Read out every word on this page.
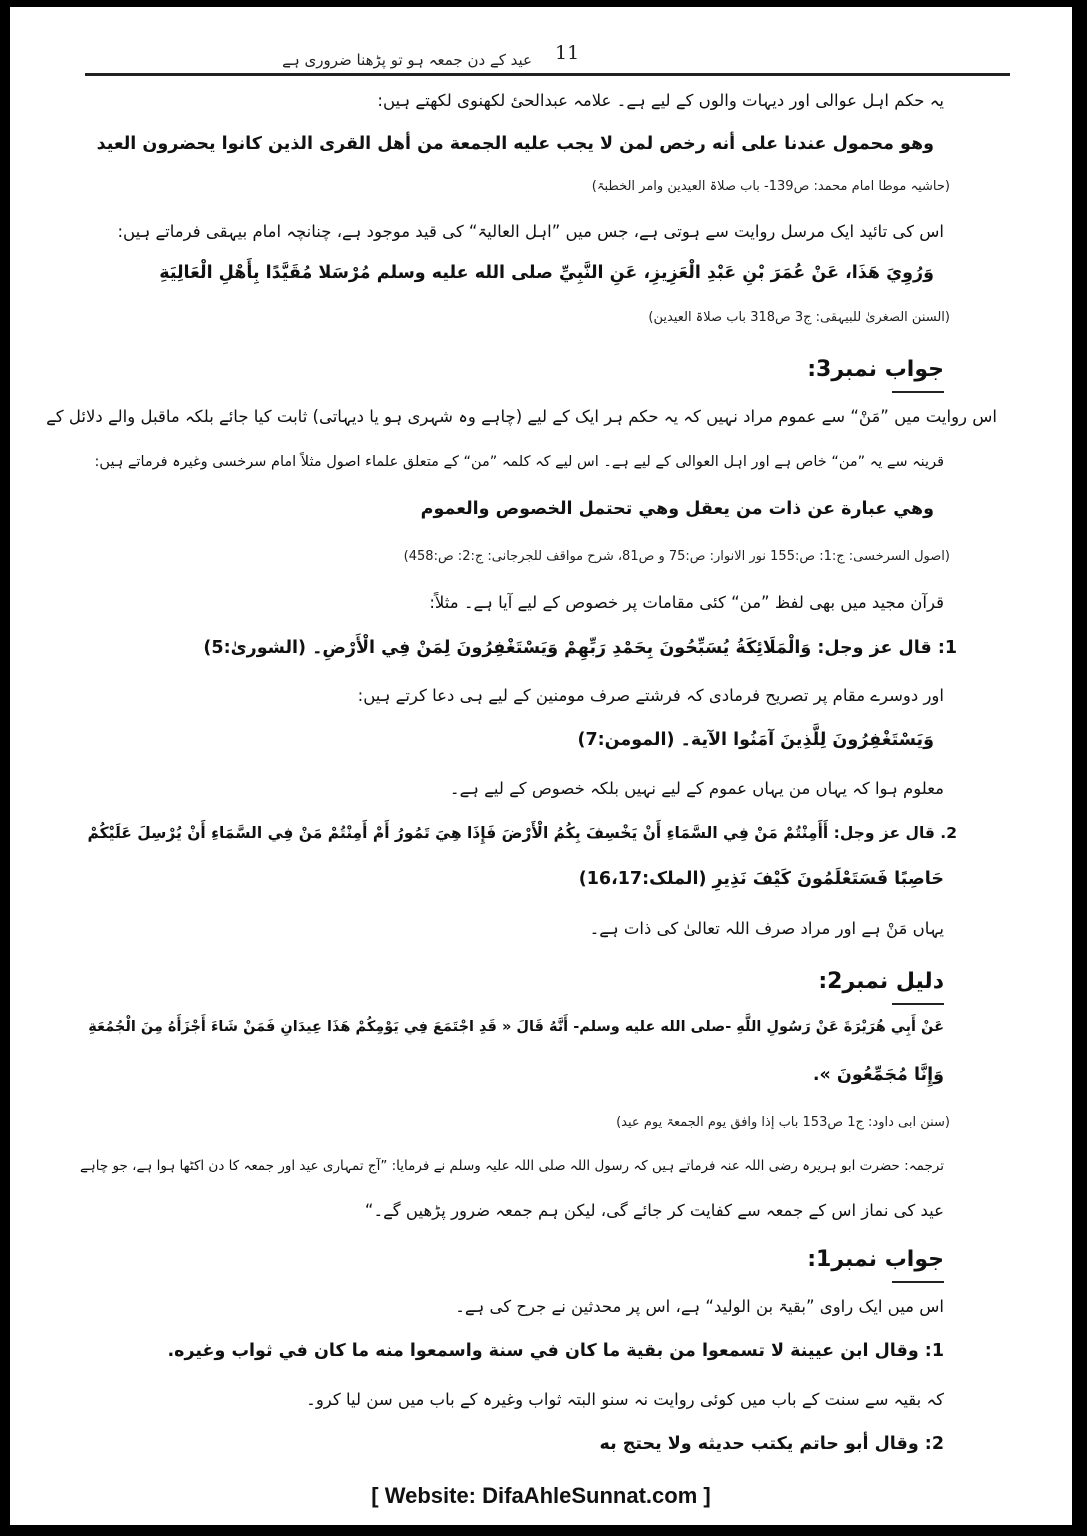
عید کے دن جمعہ ہو تو پڑھنا ضروری ہے 11
یہ حکم اہل عوالی اور دیہات والوں کے لیے ہے۔ علامہ عبدالحیٔ لکھنوی لکھتے ہیں:
وهو محمول عندنا على أنه رخص لمن لا يجب عليه الجمعة من أهل القرى الذين كانوا يحضرون العيد
(حاشیہ موطا امام محمد: ص139- باب صلاۃ العیدین وامر الخطبۃ)
اس کی تائید ایک مرسل روایت سے ہوتی ہے، جس میں ”اہل العالیۃ“ کی قید موجود ہے، چنانچہ امام بیہقی فرماتے ہیں:
وَرُوِيَ هَذَا، عَنْ عُمَرَ بْنِ عَبْدِ الْعَزِيزِ، عَنِ النَّبِيِّ صلى الله عليه وسلم مُرْسَلا مُقَيَّدًا بِأَهْلِ الْعَالِيَةِ
(السنن الصغریٰ للبیہقی: ج3 ص318 باب صلاۃ العیدین)
جواب نمبر3:
اس روایت میں ”مَنْ“ سے عموم مراد نہیں کہ یہ حکم ہر ایک کے لیے (چاہے وہ شہری ہو یا دیہاتی) ثابت کیا جائے بلکہ ماقبل والے دلائل کے
قرینہ سے یہ ”من“ خاص ہے اور اہل العوالی کے لیے ہے۔ اس لیے کہ کلمہ ”من“ کے متعلق علماء اصول مثلاً امام سرخسی وغیرہ فرماتے ہیں:
وهي عبارة عن ذات من يعقل وهي تحتمل الخصوص والعموم
(اصول السرخسی: ج:1: ص:155 نور الانوار: ص:75 و ص81، شرح مواقف للجرجانی: ج:2: ص:458)
قرآن مجید میں بھی لفظ ”من“ کئی مقامات پر خصوص کے لیے آیا ہے۔ مثلاً:
1: قال عز وجل: وَالْمَلَائِكَةُ يُسَبِّحُونَ بِحَمْدِ رَبِّهِمْ وَيَسْتَغْفِرُونَ لِمَنْ فِي الْأَرْضِ۔ (الشوریٰ:5)
اور دوسرے مقام پر تصریح فرمادی کہ فرشتے صرف مومنین کے لیے ہی دعا کرتے ہیں:
وَيَسْتَغْفِرُونَ لِلَّذِينَ آمَنُوا الآية۔ (المومن:7)
معلوم ہوا کہ یہاں من یہاں عموم کے لیے نہیں بلکہ خصوص کے لیے ہے۔
2. قال عز وجل: أَأَمِنْتُمْ مَنْ فِي السَّمَاءِ أَنْ يَخْسِفَ بِكُمُ الْأَرْضَ فَإِذَا هِيَ تَمُورُ أَمْ أَمِنْتُمْ مَنْ فِي السَّمَاءِ أَنْ يُرْسِلَ عَلَيْكُمْ
حَاصِبًا فَسَتَعْلَمُونَ كَيْفَ نَذِيرِ (الملک:16،17)
یہاں مَنْ ہے اور مراد صرف اللہ تعالیٰ کی ذات ہے۔
دلیل نمبر2:
عَنْ أَبِي هُرَيْرَةَ عَنْ رَسُولِ اللَّهِ -صلى الله عليه وسلم- أَنَّهُ قَالَ « قَدِ اجْتَمَعَ فِي يَوْمِكُمْ هَذَا عِيدَانِ فَمَنْ شَاءَ أَجْزَأَهُ مِنَ الْجُمُعَةِ
وَإِنَّا مُجَمِّعُونَ ».
(سنن ابی داود: ج1 ص153 باب إذا وافق یوم الجمعۃ یوم عید)
ترجمہ: حضرت ابو ہریرہ رضی اللہ عنہ فرماتے ہیں کہ رسول اللہ صلی اللہ علیہ وسلم نے فرمایا: ”آج تمہاری عید اور جمعہ کا دن اکٹھا ہوا ہے، جو چاہے
عید کی نماز اس کے جمعہ سے کفایت کر جائے گی، لیکن ہم جمعہ ضرور پڑھیں گے۔“
جواب نمبر1:
اس میں ایک راوی ”بقیۃ بن الولید“ ہے، اس پر محدثین نے جرح کی ہے۔
1: وقال ابن عيينة لا تسمعوا من بقية ما كان في سنة واسمعوا منه ما كان في ثواب وغيره.
کہ بقیہ سے سنت کے باب میں کوئی روایت نہ سنو البتہ ثواب وغیرہ کے باب میں سن لیا کرو۔
2: وقال أبو حاتم يكتب حديثه ولا يحتج به
[ Website: DifaAhleSunnat.com ]
